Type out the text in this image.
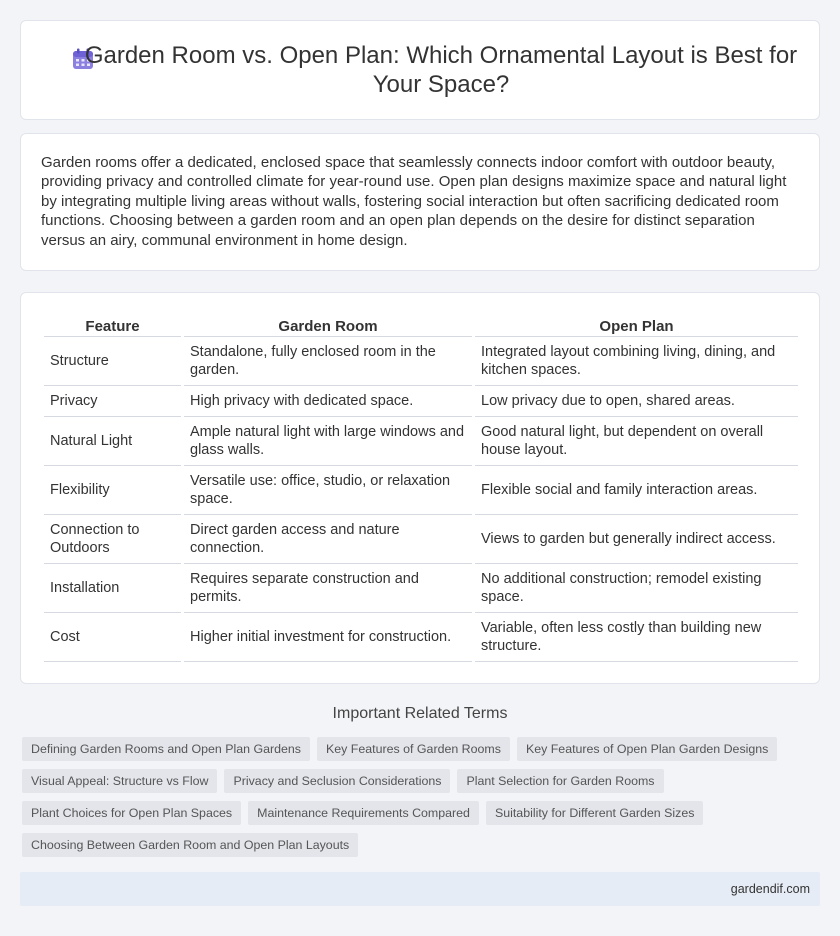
Garden Room vs. Open Plan: Which Ornamental Layout is Best for Your Space?

Garden rooms offer a dedicated, enclosed space that seamlessly connects indoor comfort with outdoor beauty, providing privacy and controlled climate for year-round use. Open plan designs maximize space and natural light by integrating multiple living areas without walls, fostering social interaction but often sacrificing dedicated room functions. Choosing between a garden room and an open plan depends on the desire for distinct separation versus an airy, communal environment in home design.

Feature	Garden Room	Open Plan
Structure	Standalone, fully enclosed room in the garden.	Integrated layout combining living, dining, and kitchen spaces.
Privacy	High privacy with dedicated space.	Low privacy due to open, shared areas.
Natural Light	Ample natural light with large windows and glass walls.	Good natural light, but dependent on overall house layout.
Flexibility	Versatile use: office, studio, or relaxation space.	Flexible social and family interaction areas.
Connection to Outdoors	Direct garden access and nature connection.	Views to garden but generally indirect access.
Installation	Requires separate construction and permits.	No additional construction; remodel existing space.
Cost	Higher initial investment for construction.	Variable, often less costly than building new structure.
Important Related Terms
Defining Garden Rooms and Open Plan Gardens	Key Features of Garden Rooms	Key Features of Open Plan Garden Designs
Visual Appeal: Structure vs Flow	Privacy and Seclusion Considerations	Plant Selection for Garden Rooms
Plant Choices for Open Plan Spaces	Maintenance Requirements Compared	Suitability for Different Garden Sizes
Choosing Between Garden Room and Open Plan Layouts
gardendif.com
